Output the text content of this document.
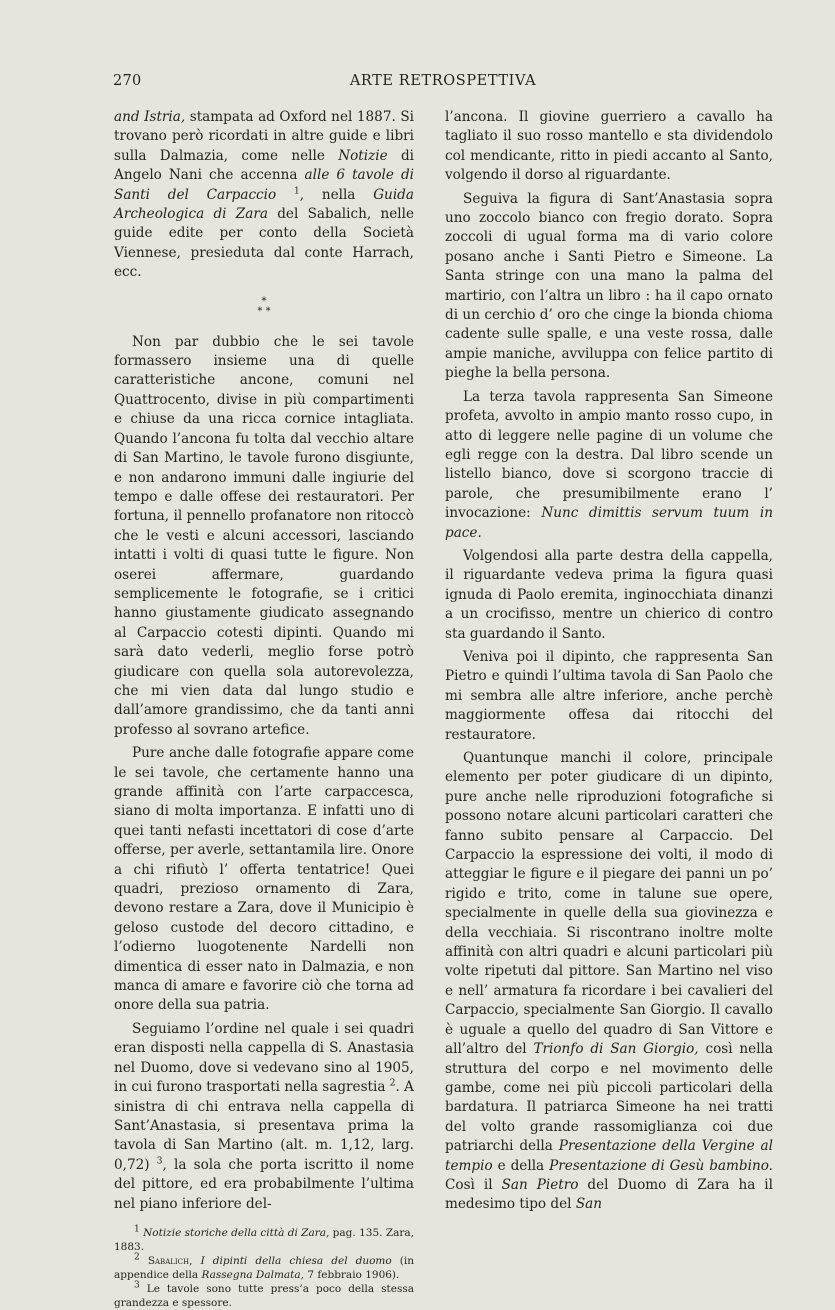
270	ARTE RETROSPETTIVA

and Istria, stampata ad Oxford nel 1887. Si trovano però ricordati in altre guide e libri sulla Dalmazia, come nelle Notizie di Angelo Nani che accenna alle 6 tavole di Santi del Carpaccio $^1$, nella Guida Archeologica di Zara del Sabalich, nelle guide edite per conto della Società Viennese, presieduta dal conte Harrach, ecc.

*
* *

Non par dubbio che le sei tavole formassero insieme una di quelle caratteristiche ancone, comuni nel Quattrocento, divise in più compartimenti e chiuse da una ricca cornice intagliata. Quando l’ancona fu tolta dal vecchio altare di San Martino, le tavole furono disgiunte, e non andarono immuni dalle ingiurie del tempo e dalle offese dei restauratori. Per fortuna, il pennello profanatore non ritoccò che le vesti e alcuni accessori, lasciando intatti i volti di quasi tutte le figure. Non oserei affermare, guardando semplicemente le fotografie, se i critici hanno giustamente giudicato assegnando al Carpaccio cotesti dipinti. Quando mi sarà dato vederli, meglio forse potrò giudicare con quella sola autorevolezza, che mi vien data dal lungo studio e dall’amore grandissimo, che da tanti anni professo al sovrano artefice.

Pure anche dalle fotografie appare come le sei tavole, che certamente hanno una grande affinità con l’arte carpaccesca, siano di molta importanza. E infatti uno di quei tanti nefasti incettatori di cose d’arte offerse, per averle, settantamila lire. Onore a chi rifiutò l’ offerta tentatrice! Quei quadri, prezioso ornamento di Zara, devono restare a Zara, dove il Municipio è geloso custode del decoro cittadino, e l’odierno luogotenente Nardelli non dimentica di esser nato in Dalmazia, e non manca di amare e favorire ciò che torna ad onore della sua patria.

Seguiamo l’ordine nel quale i sei quadri eran disposti nella cappella di S. Anastasia nel Duomo, dove si vedevano sino al 1905, in cui furono trasportati nella sagrestia $^2$. A sinistra di chi entrava nella cappella di Sant’Anastasia, si presentava prima la tavola di San Martino (alt. m. 1,12, larg. 0,72) $^3$, la sola che porta iscritto il nome del pittore, ed era probabilmente l’ultima nel piano inferiore del-

1 Notizie storiche della città di Zara, pag. 135. Zara, 1883.

2 Sabalich, I dipinti della chiesa del duomo (in appendice della Rassegna Dalmata, 7 febbraio 1906).

3 Le tavole sono tutte press’a poco della stessa grandezza e spessore.

l’ancona. Il giovine guerriero a cavallo ha tagliato il suo rosso mantello e sta dividendolo col mendicante, ritto in piedi accanto al Santo, volgendo il dorso al riguardante.

Seguiva la figura di Sant’Anastasia sopra uno zoccolo bianco con fregio dorato. Sopra zoccoli di ugual forma ma di vario colore posano anche i Santi Pietro e Simeone. La Santa stringe con una mano la palma del martirio, con l’altra un libro : ha il capo ornato di un cerchio d’ oro che cinge la bionda chioma cadente sulle spalle, e una veste rossa, dalle ampie maniche, avviluppa con felice partito di pieghe la bella persona.

La terza tavola rappresenta San Simeone profeta, avvolto in ampio manto rosso cupo, in atto di leggere nelle pagine di un volume che egli regge con la destra. Dal libro scende un listello bianco, dove si scorgono traccie di parole, che presumibilmente erano l’ invocazione: Nunc dimittis servum tuum in pace.

Volgendosi alla parte destra della cappella, il riguardante vedeva prima la figura quasi ignuda di Paolo eremita, inginocchiata dinanzi a un crocifisso, mentre un chierico di contro sta guardando il Santo.

Veniva poi il dipinto, che rappresenta San Pietro e quindi l’ultima tavola di San Paolo che mi sembra alle altre inferiore, anche perchè maggiormente offesa dai ritocchi del restauratore.

Quantunque manchi il colore, principale elemento per poter giudicare di un dipinto, pure anche nelle riproduzioni fotografiche si possono notare alcuni particolari caratteri che fanno subito pensare al Carpaccio. Del Carpaccio la espressione dei volti, il modo di atteggiar le figure e il piegare dei panni un po’ rigido e trito, come in talune sue opere, specialmente in quelle della sua giovinezza e della vecchiaia. Si riscontrano inoltre molte affinità con altri quadri e alcuni particolari più volte ripetuti dal pittore. San Martino nel viso e nell’ armatura fa ricordare i bei cavalieri del Carpaccio, specialmente San Giorgio. Il cavallo è uguale a quello del quadro di San Vittore e all’altro del Trionfo di San Giorgio, così nella struttura del corpo e nel movimento delle gambe, come nei più piccoli particolari della bardatura. Il patriarca Simeone ha nei tratti del volto grande rassomiglianza coi due patriarchi della Presentazione della Vergine al tempio e della Presentazione di Gesù bambino. Così il San Pietro del Duomo di Zara ha il medesimo tipo del San
